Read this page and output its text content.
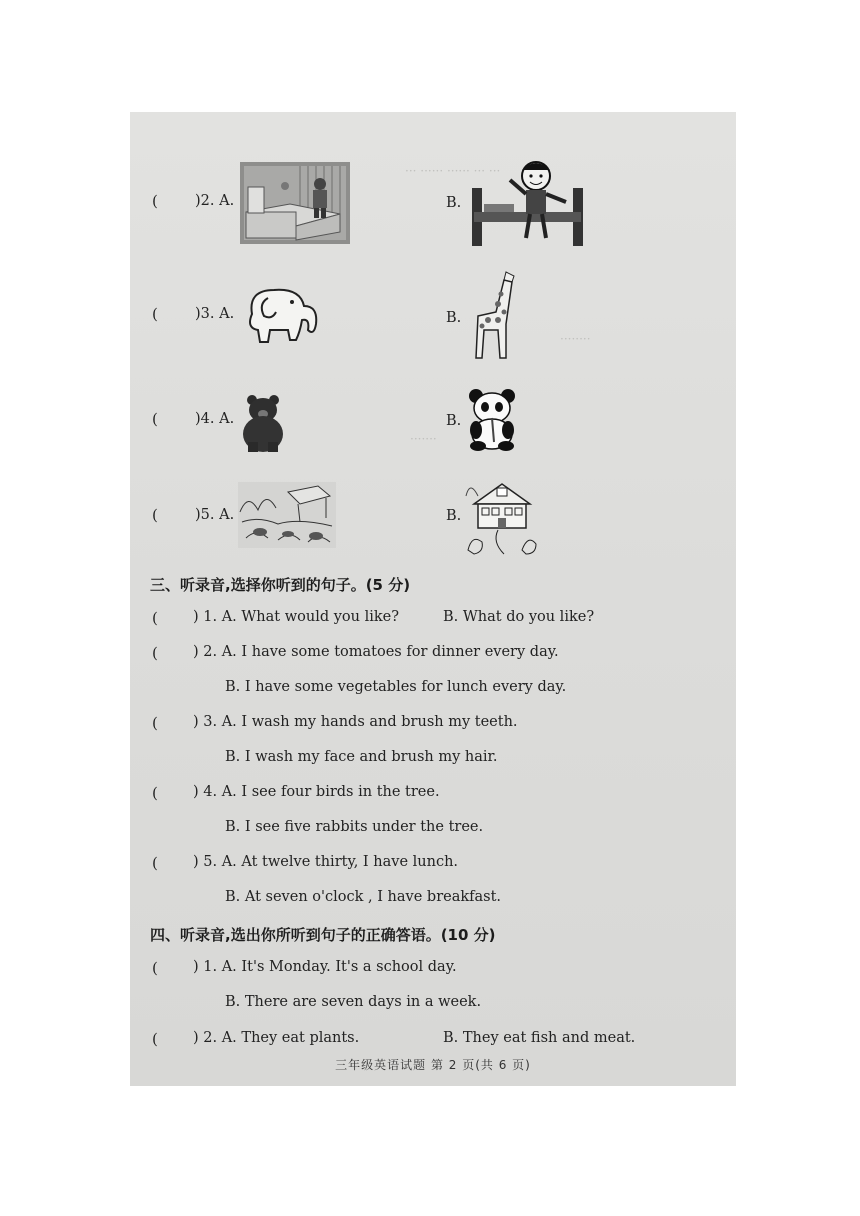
··· ······ ······ ··· ···
········
·······
(	)2. A.	B.
(	)3. A.	B.
(	)4. A.	B.
(	)5. A.	B.
三、听录音,选择你听到的句子。(5 分)
( ) 1. A. What would you like?	B. What do you like?
( ) 2. A. I have some tomatoes for dinner every day.
B. I have some vegetables for lunch every day.
( ) 3. A. I wash my hands and brush my teeth.
B. I wash my face and brush my hair.
( ) 4. A. I see four birds in the tree.
B. I see five rabbits under the tree.
( ) 5. A. At twelve thirty, I have lunch.
B. At seven o'clock , I have breakfast.
四、听录音,选出你所听到句子的正确答语。(10 分)
( ) 1. A. It's Monday. It's a school day.
B. There are seven days in a week.
( ) 2. A. They eat plants.	B. They eat fish and meat.
三年级英语试题 第 2 页(共 6 页)
